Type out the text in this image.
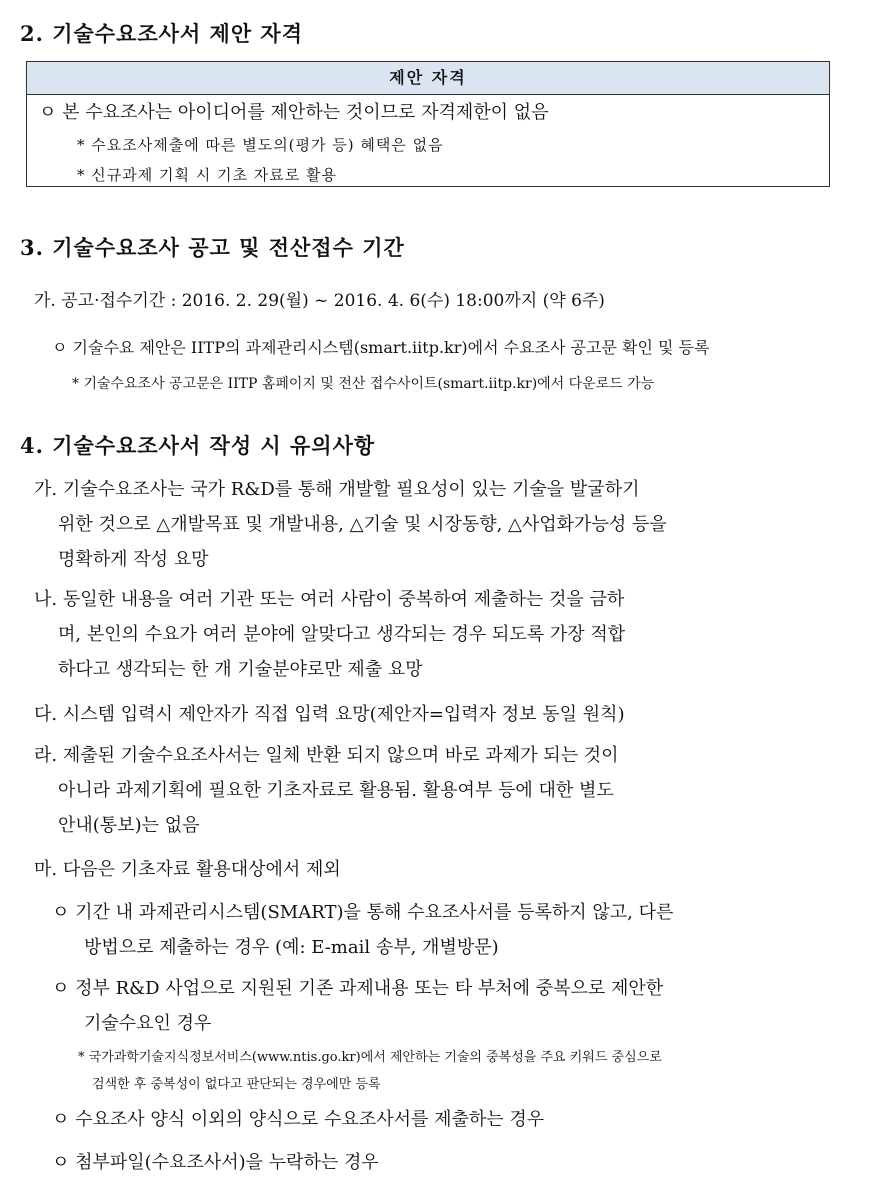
2. 기술수요조사서 제안 자격
제안 자격
ㅇ 본 수요조사는 아이디어를 제안하는 것이므로 자격제한이 없음
* 수요조사제출에 따른 별도의(평가 등) 혜택은 없음
* 신규과제 기획 시 기초 자료로 활용
3. 기술수요조사 공고 및 전산접수 기간
가. 공고·접수기간 : 2016. 2. 29(월) ~ 2016. 4. 6(수) 18:00까지 (약 6주)
ㅇ 기술수요 제안은 IITP의 과제관리시스템(smart.iitp.kr)에서 수요조사 공고문 확인 및 등록
* 기술수요조사 공고문은 IITP 홈페이지 및 전산 접수사이트(smart.iitp.kr)에서 다운로드 가능
4. 기술수요조사서 작성 시 유의사항
가. 기술수요조사는 국가 R&D를 통해 개발할 필요성이 있는 기술을 발굴하기
위한 것으로 △개발목표 및 개발내용, △기술 및 시장동향, △사업화가능성 등을
명확하게 작성 요망
나. 동일한 내용을 여러 기관 또는 여러 사람이 중복하여 제출하는 것을 금하
며, 본인의 수요가 여러 분야에 알맞다고 생각되는 경우 되도록 가장 적합
하다고 생각되는 한 개 기술분야로만 제출 요망
다. 시스템 입력시 제안자가 직접 입력 요망(제안자=입력자 정보 동일 원칙)
라. 제출된 기술수요조사서는 일체 반환 되지 않으며 바로 과제가 되는 것이
아니라 과제기획에 필요한 기초자료로 활용됨. 활용여부 등에 대한 별도
안내(통보)는 없음
마. 다음은 기초자료 활용대상에서 제외
ㅇ 기간 내 과제관리시스템(SMART)을 통해 수요조사서를 등록하지 않고, 다른
방법으로 제출하는 경우 (예: E-mail 송부, 개별방문)
ㅇ 정부 R&D 사업으로 지원된 기존 과제내용 또는 타 부처에 중복으로 제안한
기술수요인 경우
* 국가과학기술지식정보서비스(www.ntis.go.kr)에서 제안하는 기술의 중복성을 주요 키워드 중심으로
검색한 후 중복성이 없다고 판단되는 경우에만 등록
ㅇ 수요조사 양식 이외의 양식으로 수요조사서를 제출하는 경우
ㅇ 첨부파일(수요조사서)을 누락하는 경우
